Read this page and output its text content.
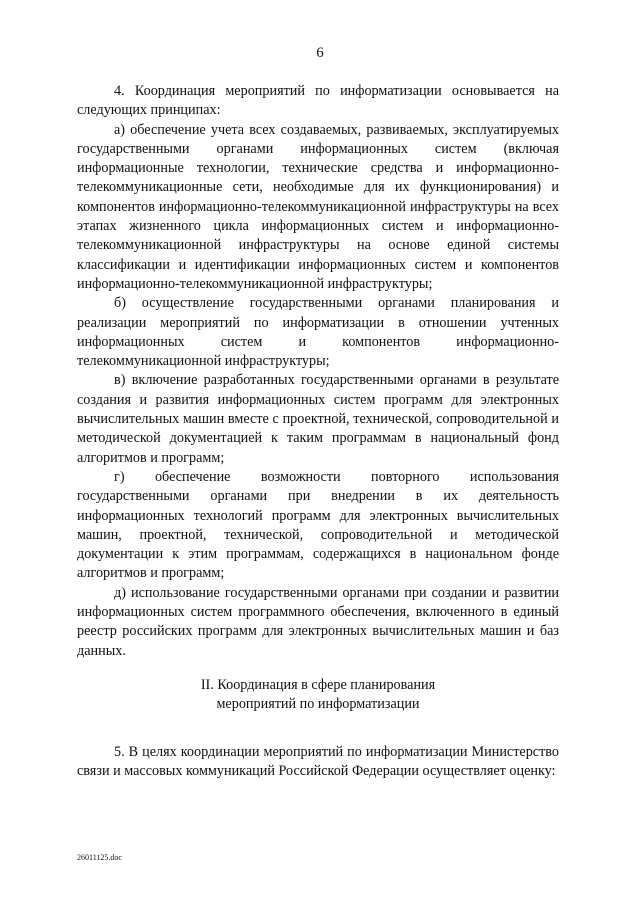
6

4. Координация мероприятий по информатизации основывается на следующих принципах:

а) обеспечение учета всех создаваемых, развиваемых, эксплуатируемых государственными органами информационных систем (включая информационные технологии, технические средства и информационно-телекоммуникационные сети, необходимые для их функционирования) и компонентов информационно-телекоммуникационной инфраструктуры на всех этапах жизненного цикла информационных систем и информационно-телекоммуникационной инфраструктуры на основе единой системы классификации и идентификации информационных систем и компонентов информационно-телекоммуникационной инфраструктуры;

б) осуществление государственными органами планирования и реализации мероприятий по информатизации в отношении учтенных информационных систем и компонентов информационно-телекоммуникационной инфраструктуры;

в) включение разработанных государственными органами в результате создания и развития информационных систем программ для электронных вычислительных машин вместе с проектной, технической, сопроводительной и методической документацией к таким программам в национальный фонд алгоритмов и программ;

г) обеспечение возможности повторного использования государственными органами при внедрении в их деятельность информационных технологий программ для электронных вычислительных машин, проектной, технической, сопроводительной и методической документации к этим программам, содержащихся в национальном фонде алгоритмов и программ;

д) использование государственными органами при создании и развитии информационных систем программного обеспечения, включенного в единый реестр российских программ для электронных вычислительных машин и баз данных.

II. Координация в сфере планирования
мероприятий по информатизации

5. В целях координации мероприятий по информатизации Министерство связи и массовых коммуникаций Российской Федерации осуществляет оценку:

26011125.doc
